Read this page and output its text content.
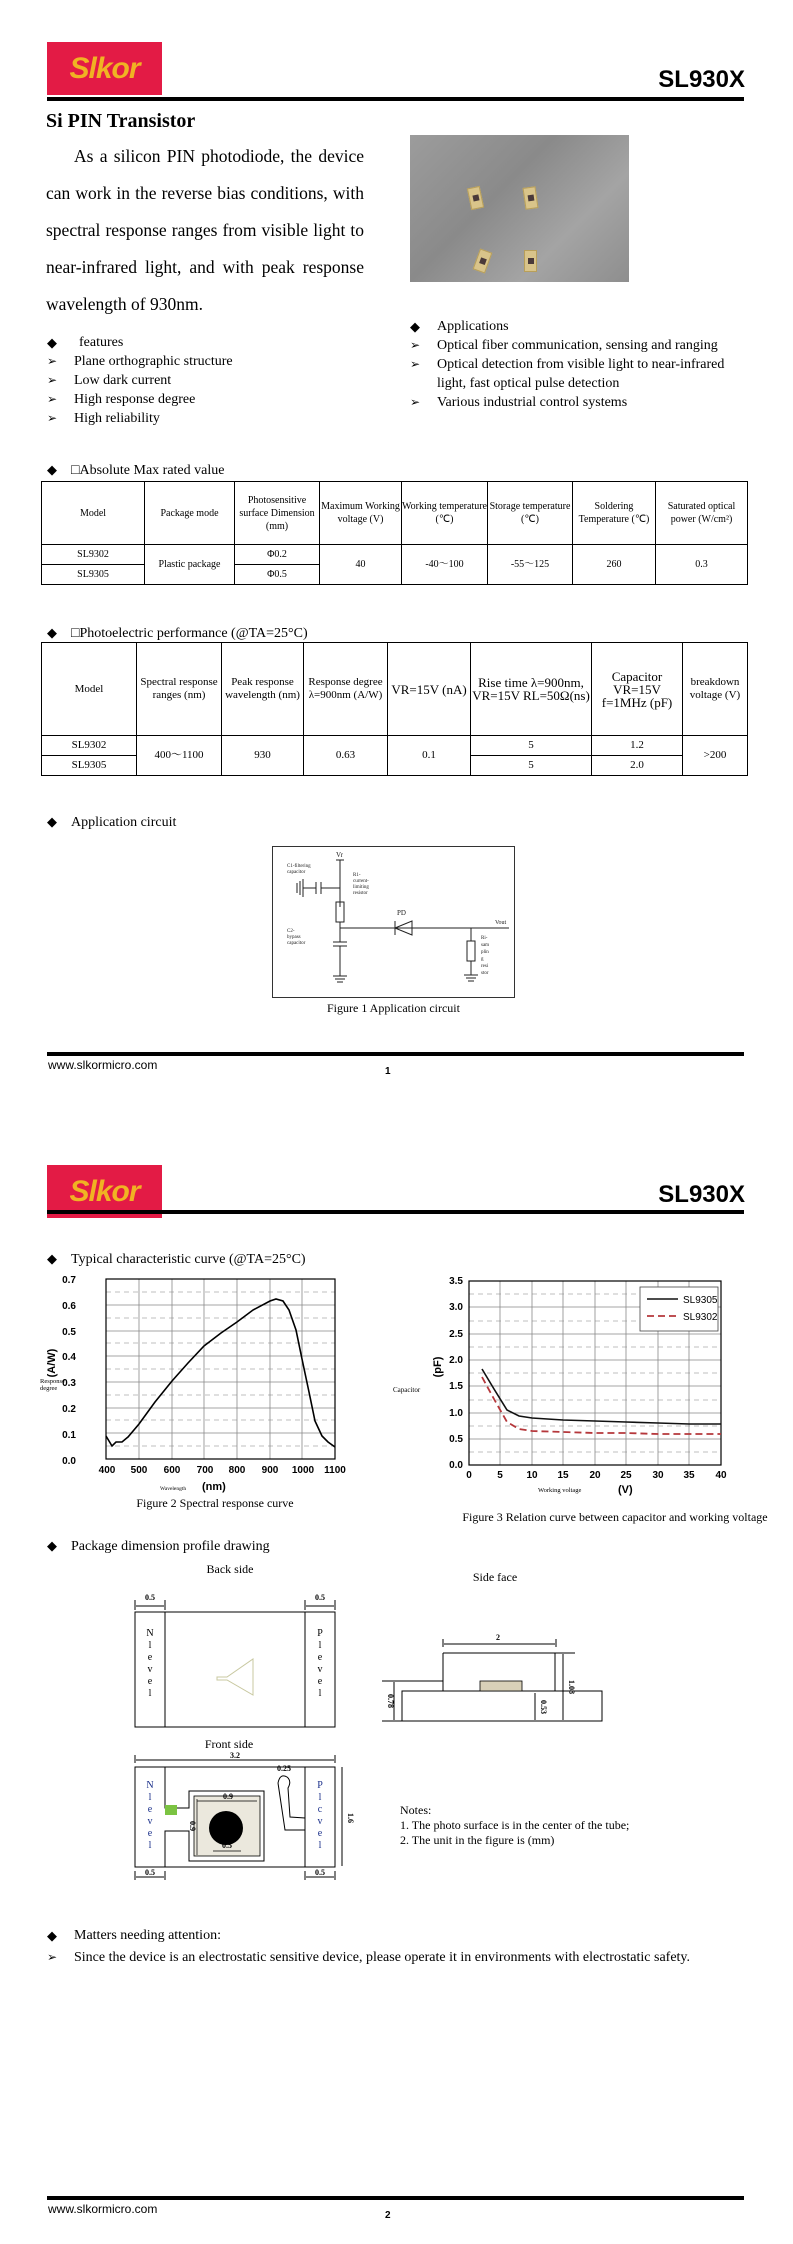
Slkor	SL930X
Si PIN Transistor
As a silicon PIN photodiode, the device can work in the reverse bias conditions, with spectral response ranges from visible light to near-infrared light, and with peak response wavelength of 930nm.
◆ features
➢ Plane orthographic structure
➢ Low dark current
➢ High response degree
➢ High reliability
◆ Applications
➢ Optical fiber communication, sensing and ranging
➢ Optical detection from visible light to near-infrared light, fast optical pulse detection
➢ Various industrial control systems
◆ □Absolute Max rated value
Model	Package mode	Photosensitive surface Dimension (mm)	Maximum Working voltage (V)	Working temperature (℃)	Storage temperature (℃)	Soldering Temperature (℃)	Saturated optical power (W/cm²)
SL9302	Plastic package	Φ0.2	40	-40～100	-55～125	260	0.3
SL9305		Φ0.5					
◆ □Photoelectric performance (@TA=25°C)
Model	Spectral response ranges (nm)	Peak response wavelength (nm)	Response degree λ=900nm (A/W)	VR=15V (nA)	Rise time λ=900nm, VR=15V RL=50Ω(ns)	Capacitor VR=15V f=1MHz (pF)	breakdown voltage (V)
SL9302	400～1100	930	0.63	0.1	5	1.2	>200
SL9305					5	2.0	
◆ Application circuit
Vr
C1-filtering
capacitor
R1-
current-
limiting
resistor
C2-
bypass
capacitor
PD
Vout
Ri-
sam
plin
g
resi
stor
Figure 1 Application circuit
www.slkormicro.com	1
Slkor	SL930X
◆ Typical characteristic curve (@TA=25°C)
0.7
0.6
0.5
0.4
0.3
0.2
0.1
0.0
400 500 600 700 800 900 1000 1100
(A/W)
(nm)
Response
degree
Wavelength
Figure 2 Spectral response curve
3.5
3.0
2.5
2.0
1.5
1.0
0.5
0.0
0	5 10 15 20 25 30 35 40
(pF)
(V)
Capacitor
Working voltage
SL9305
SL9302
Figure 3 Relation curve between capacitor and working voltage
◆ Package dimension profile drawing
Back side
Side face
Front side
0.5	0.5
N
l
e
v
e
l
P
l
e
v
e
l
2
0.78
1.08
0.53
3.2
0.9
0.5
0.9
0.25
1.6
0.5	0.5
N
l
e
v
e
l
P
l
c
v
e
l
Notes:
1. The photo surface is in the center of the tube;
2. The unit in the figure is (mm)
◆ Matters needing attention:
➢ Since the device is an electrostatic sensitive device, please operate it in environments with electrostatic safety.
www.slkormicro.com	2
